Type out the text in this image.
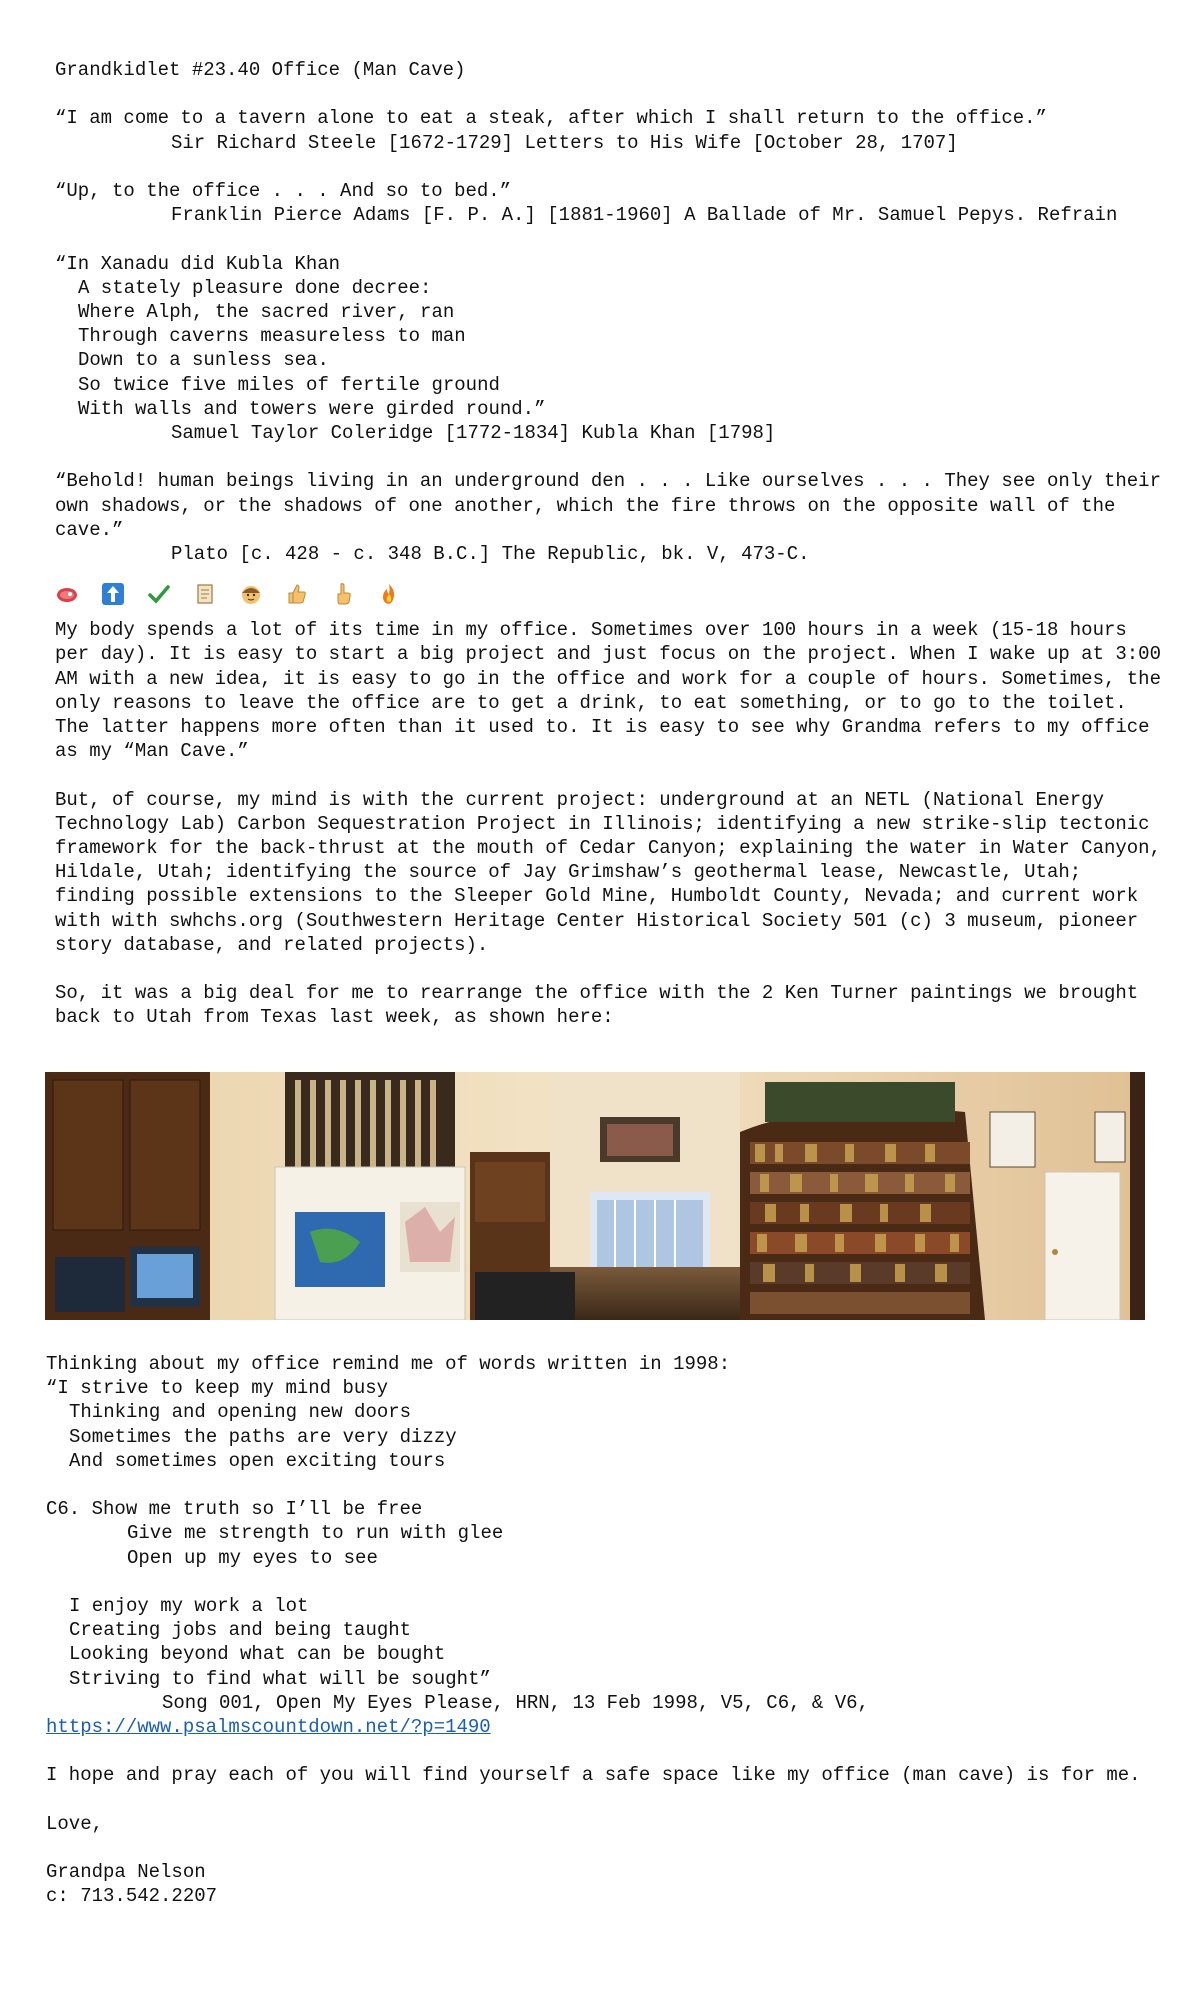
Grandkidlet #23.40 Office (Man Cave)
“I am come to a tavern alone to eat a steak, after which I shall return to the office.”
Sir Richard Steele [1672-1729] Letters to His Wife [October 28, 1707]
“Up, to the office . . . And so to bed.”
Franklin Pierce Adams [F. P. A.] [1881-1960] A Ballade of Mr. Samuel Pepys. Refrain
“In Xanadu did Kubla Khan
A stately pleasure done decree:
Where Alph, the sacred river, ran
Through caverns measureless to man
Down to a sunless sea.
So twice five miles of fertile ground
With walls and towers were girded round.”
Samuel Taylor Coleridge [1772-1834] Kubla Khan [1798]
“Behold! human beings living in an underground den . . . Like ourselves . . . They see only their own shadows, or the shadows of one another, which the fire throws on the opposite wall of the cave.”
Plato [c. 428 - c. 348 B.C.] The Republic, bk. V, 473-C.
My body spends a lot of its time in my office. Sometimes over 100 hours in a week (15-18 hours per day). It is easy to start a big project and just focus on the project. When I wake up at 3:00 AM with a new idea, it is easy to go in the office and work for a couple of hours. Sometimes, the only reasons to leave the office are to get a drink, to eat something, or to go to the toilet. The latter happens more often than it used to. It is easy to see why Grandma refers to my office as my “Man Cave.”
But, of course, my mind is with the current project: underground at an NETL (National Energy Technology Lab) Carbon Sequestration Project in Illinois; identifying a new strike-slip tectonic framework for the back-thrust at the mouth of Cedar Canyon; explaining the water in Water Canyon, Hildale, Utah; identifying the source of Jay Grimshaw’s geothermal lease, Newcastle, Utah; finding possible extensions to the Sleeper Gold Mine, Humboldt County, Nevada; and current work with with swhchs.org (Southwestern Heritage Center Historical Society 501 (c) 3 museum, pioneer story database, and related projects).
So, it was a big deal for me to rearrange the office with the 2 Ken Turner paintings we brought back to Utah from Texas last week, as shown here:
Thinking about my office remind me of words written in 1998:
“I strive to keep my mind busy
Thinking and opening new doors
Sometimes the paths are very dizzy
And sometimes open exciting tours
C6. Show me truth so I’ll be free
Give me strength to run with glee
Open up my eyes to see
I enjoy my work a lot
Creating jobs and being taught
Looking beyond what can be bought
Striving to find what will be sought”
Song 001, Open My Eyes Please, HRN, 13 Feb 1998, V5, C6, & V6,
https://www.psalmscountdown.net/?p=1490
I hope and pray each of you will find yourself a safe space like my office (man cave) is for me.
Love,
Grandpa Nelson
c: 713.542.2207
